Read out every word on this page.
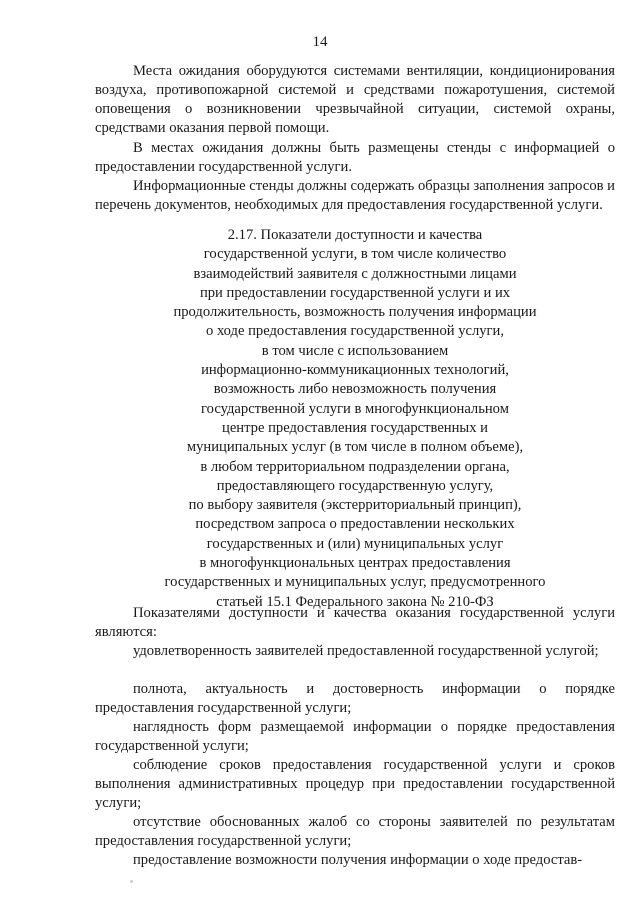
14

Места ожидания оборудуются системами вентиляции, кондиционирования воздуха, противопожарной системой и средствами пожаротушения, системой оповещения о возникновении чрезвычайной ситуации, системой охраны, средствами оказания первой помощи.

В местах ожидания должны быть размещены стенды с информацией о предоставлении государственной услуги.

Информационные стенды должны содержать образцы заполнения запросов и перечень документов, необходимых для предоставления государственной услуги.

2.17. Показатели доступности и качества
государственной услуги, в том числе количество
взаимодействий заявителя с должностными лицами
при предоставлении государственной услуги и их
продолжительность, возможность получения информации
о ходе предоставления государственной услуги,
в том числе с использованием
информационно-коммуникационных технологий,
возможность либо невозможность получения
государственной услуги в многофункциональном
центре предоставления государственных и
муниципальных услуг (в том числе в полном объеме),
в любом территориальном подразделении органа,
предоставляющего государственную услугу,
по выбору заявителя (экстерриториальный принцип),
посредством запроса о предоставлении нескольких
государственных и (или) муниципальных услуг
в многофункциональных центрах предоставления
государственных и муниципальных услуг, предусмотренного
статьей 15.1 Федерального закона № 210-ФЗ

Показателями доступности и качества оказания государственной услуги являются:

удовлетворенность заявителей предоставленной государственной услугой;

полнота, актуальность и достоверность информации о порядке предоставления государственной услуги;

наглядность форм размещаемой информации о порядке предоставления государственной услуги;

соблюдение сроков предоставления государственной услуги и сроков выполнения административных процедур при предоставлении государственной услуги;

отсутствие обоснованных жалоб со стороны заявителей по результатам предоставления государственной услуги;

предоставление возможности получения информации о ходе предостав-
